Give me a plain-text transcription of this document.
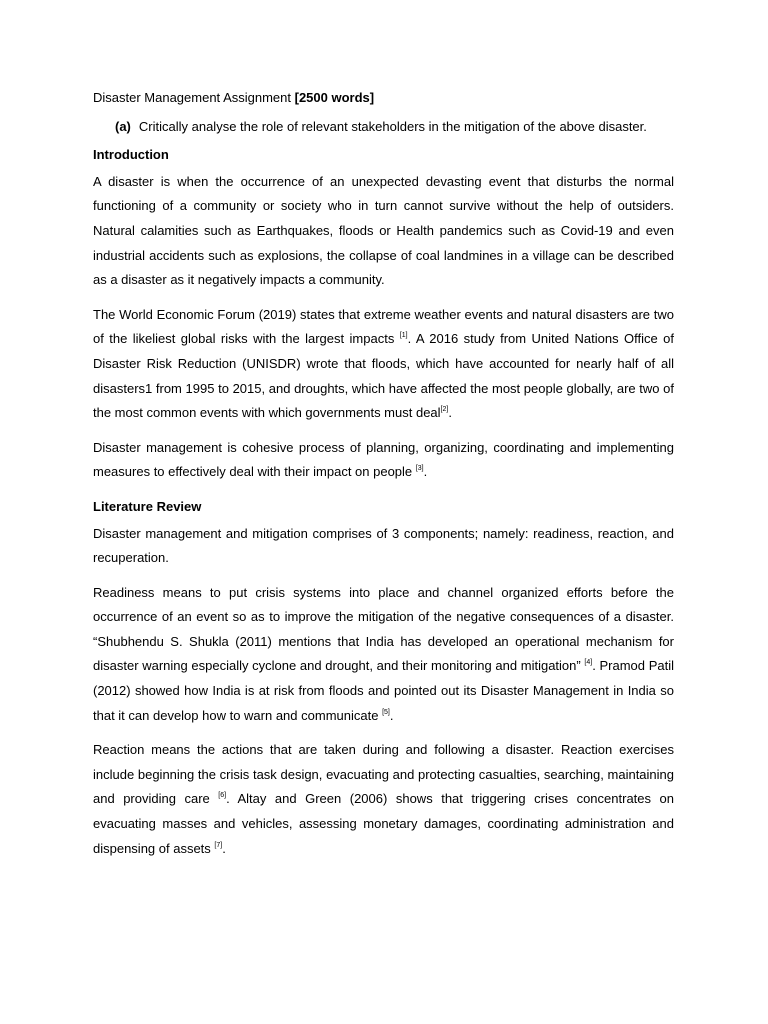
Disaster Management Assignment [2500 words]

(a) Critically analyse the role of relevant stakeholders in the mitigation of the above disaster.

Introduction

A disaster is when the occurrence of an unexpected devasting event that disturbs the normal functioning of a community or society who in turn cannot survive without the help of outsiders. Natural calamities such as Earthquakes, floods or Health pandemics such as Covid-19 and even industrial accidents such as explosions, the collapse of coal landmines in a village can be described as a disaster as it negatively impacts a community.

The World Economic Forum (2019) states that extreme weather events and natural disasters are two of the likeliest global risks with the largest impacts [1]. A 2016 study from United Nations Office of Disaster Risk Reduction (UNISDR) wrote that floods, which have accounted for nearly half of all disasters1 from 1995 to 2015, and droughts, which have affected the most people globally, are two of the most common events with which governments must deal[2].

Disaster management is cohesive process of planning, organizing, coordinating and implementing measures to effectively deal with their impact on people [3].

Literature Review

Disaster management and mitigation comprises of 3 components; namely: readiness, reaction, and recuperation.

Readiness means to put crisis systems into place and channel organized efforts before the occurrence of an event so as to improve the mitigation of the negative consequences of a disaster. “Shubhendu S. Shukla (2011) mentions that India has developed an operational mechanism for disaster warning especially cyclone and drought, and their monitoring and mitigation” [4]. Pramod Patil (2012) showed how India is at risk from floods and pointed out its Disaster Management in India so that it can develop how to warn and communicate [5].

Reaction means the actions that are taken during and following a disaster. Reaction exercises include beginning the crisis task design, evacuating and protecting casualties, searching, maintaining and providing care [6]. Altay and Green (2006) shows that triggering crises concentrates on evacuating masses and vehicles, assessing monetary damages, coordinating administration and dispensing of assets [7].
